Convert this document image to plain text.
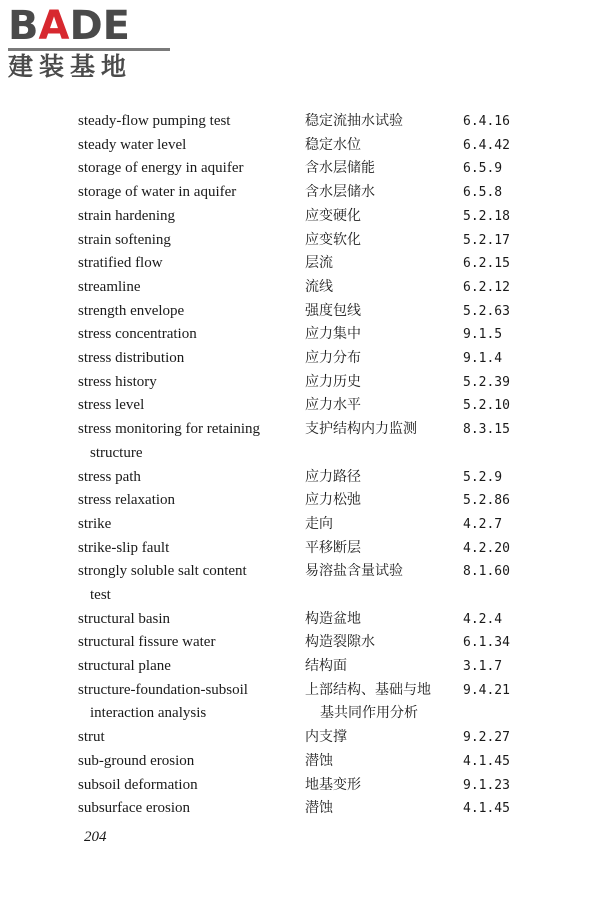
BADE
建装基地
steady-flow pumping test	稳定流抽水试验	6.4.16
steady water level	稳定水位	6.4.42
storage of energy in aquifer	含水层储能	6.5.9
storage of water in aquifer	含水层储水	6.5.8
strain hardening	应变硬化	5.2.18
strain softening	应变软化	5.2.17
stratified flow	层流	6.2.15
streamline	流线	6.2.12
strength envelope	强度包线	5.2.63
stress concentration	应力集中	9.1.5
stress distribution	应力分布	9.1.4
stress history	应力历史	5.2.39
stress level	应力水平	5.2.10
stress monitoring for retaining	支护结构内力监测	8.3.15
structure
stress path	应力路径	5.2.9
stress relaxation	应力松弛	5.2.86
strike	走向	4.2.7
strike-slip fault	平移断层	4.2.20
strongly soluble salt content	易溶盐含量试验	8.1.60
test
structural basin	构造盆地	4.2.4
structural fissure water	构造裂隙水	6.1.34
structural plane	结构面	3.1.7
structure-foundation-subsoil	上部结构、基础与地	9.4.21
interaction analysis	基共同作用分析
strut	内支撑	9.2.27
sub-ground erosion	潜蚀	4.1.45
subsoil deformation	地基变形	9.1.23
subsurface erosion	潜蚀	4.1.45
204
